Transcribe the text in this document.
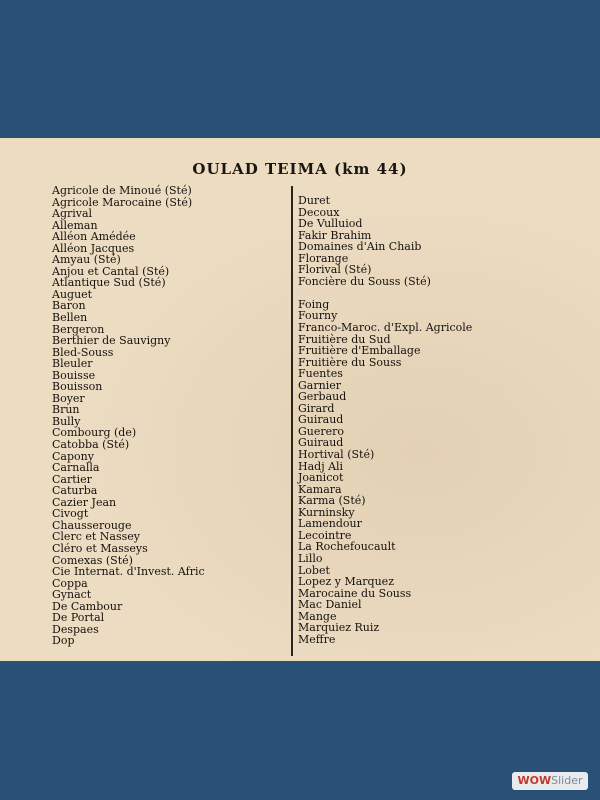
OULAD TEIMA (km 44)
Agricole de Minoué (Sté)
Agricole Marocaine (Sté)
Agrival
Alleman
Alléon Amédée
Alléon Jacques
Amyau (Sté)
Anjou et Cantal (Sté)
Atlantique Sud (Sté)
Auguet
Baron
Bellen
Bergeron
Berthier de Sauvigny
Bled-Souss
Bleuler
Bouisse
Bouisson
Boyer
Brun
Bully
Combourg (de)
Catobba (Sté)
Capony
Carnalla
Cartier
Caturba
Cazier Jean
Civogt
Chausserouge
Clerc et Nassey
Cléro et Masseys
Comexas (Sté)
Cie Internat. d'Invest. Afric
Coppa
Gynact
De Cambour
De Portal
Despaes
Dop
Duret
Decoux
De Vulluiod
Fakir Brahim
Domaines d'Ain Chaib
Florange
Florival (Sté)
Foncière du Souss (Sté)
Foing
Fourny
Franco-Maroc. d'Expl. Agricole
Fruitière du Sud
Fruitière d'Emballage
Fruitière du Souss
Fuentes
Garnier
Gerbaud
Girard
Guiraud
Guerero
Guiraud
Hortival (Sté)
Hadj Ali
Joanicot
Kamara
Karma (Sté)
Kurninsky
Lamendour
Lecointre
La Rochefoucault
Lillo
Lobet
Lopez y Marquez
Marocaine du Souss
Mac Daniel
Mange
Marquiez Ruiz
Meffre
WOWSlider
